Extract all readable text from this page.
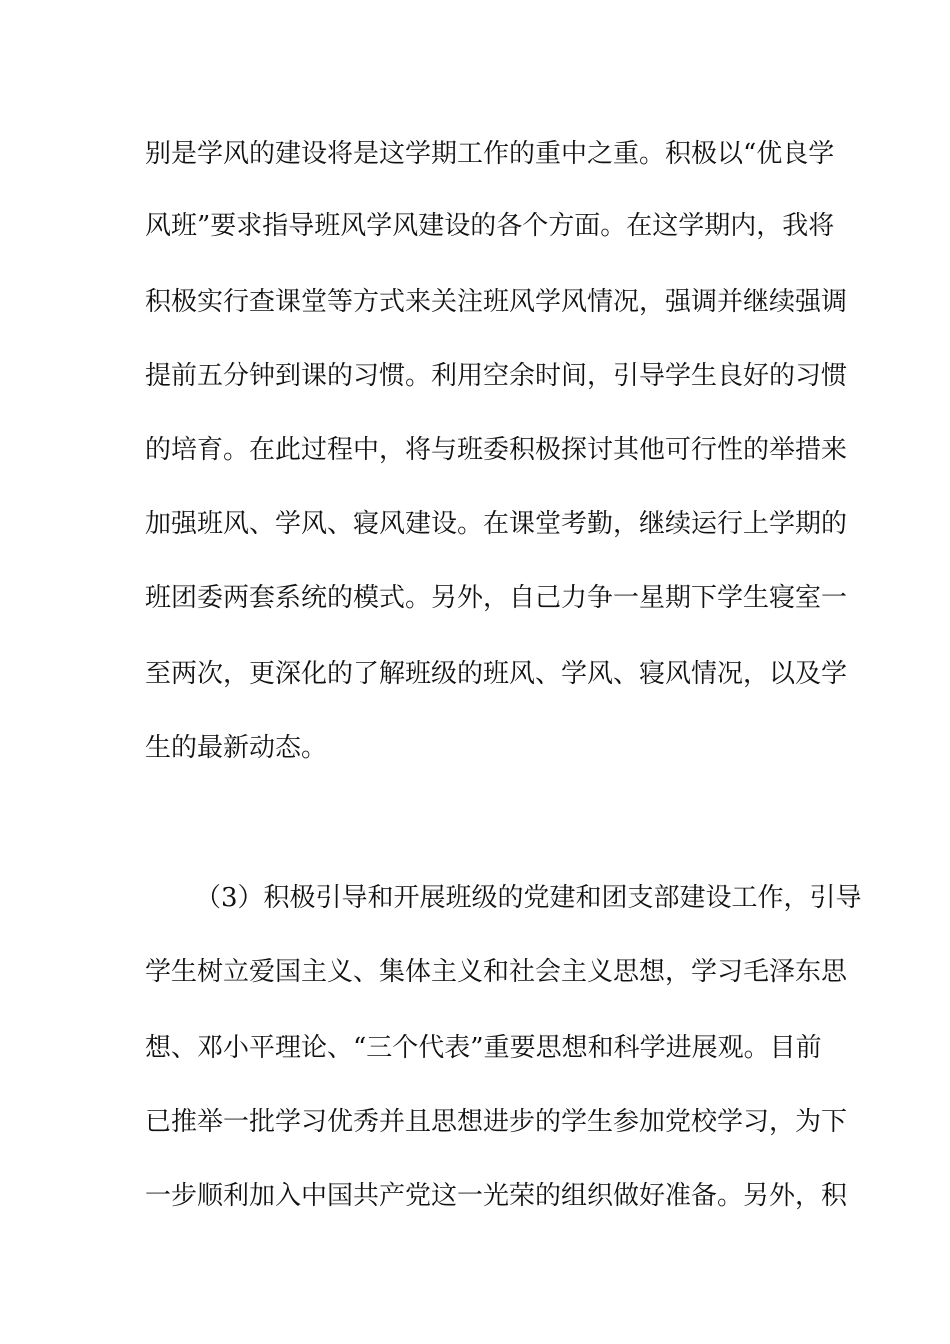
别是学风的建设将是这学期工作的重中之重。积极以“优良学
风班”要求指导班风学风建设的各个方面。在这学期内，我将
积极实行查课堂等方式来关注班风学风情况，强调并继续强调
提前五分钟到课的习惯。利用空余时间，引导学生良好的习惯
的培育。在此过程中，将与班委积极探讨其他可行性的举措来
加强班风、学风、寝风建设。在课堂考勤，继续运行上学期的
班团委两套系统的模式。另外，自己力争一星期下学生寝室一
至两次，更深化的了解班级的班风、学风、寝风情况，以及学
生的最新动态。
（3）积极引导和开展班级的党建和团支部建设工作，引导
学生树立爱国主义、集体主义和社会主义思想，学习毛泽东思
想、邓小平理论、“三个代表”重要思想和科学进展观。目前
已推举一批学习优秀并且思想进步的学生参加党校学习，为下
一步顺利加入中国共产党这一光荣的组织做好准备。另外，积
